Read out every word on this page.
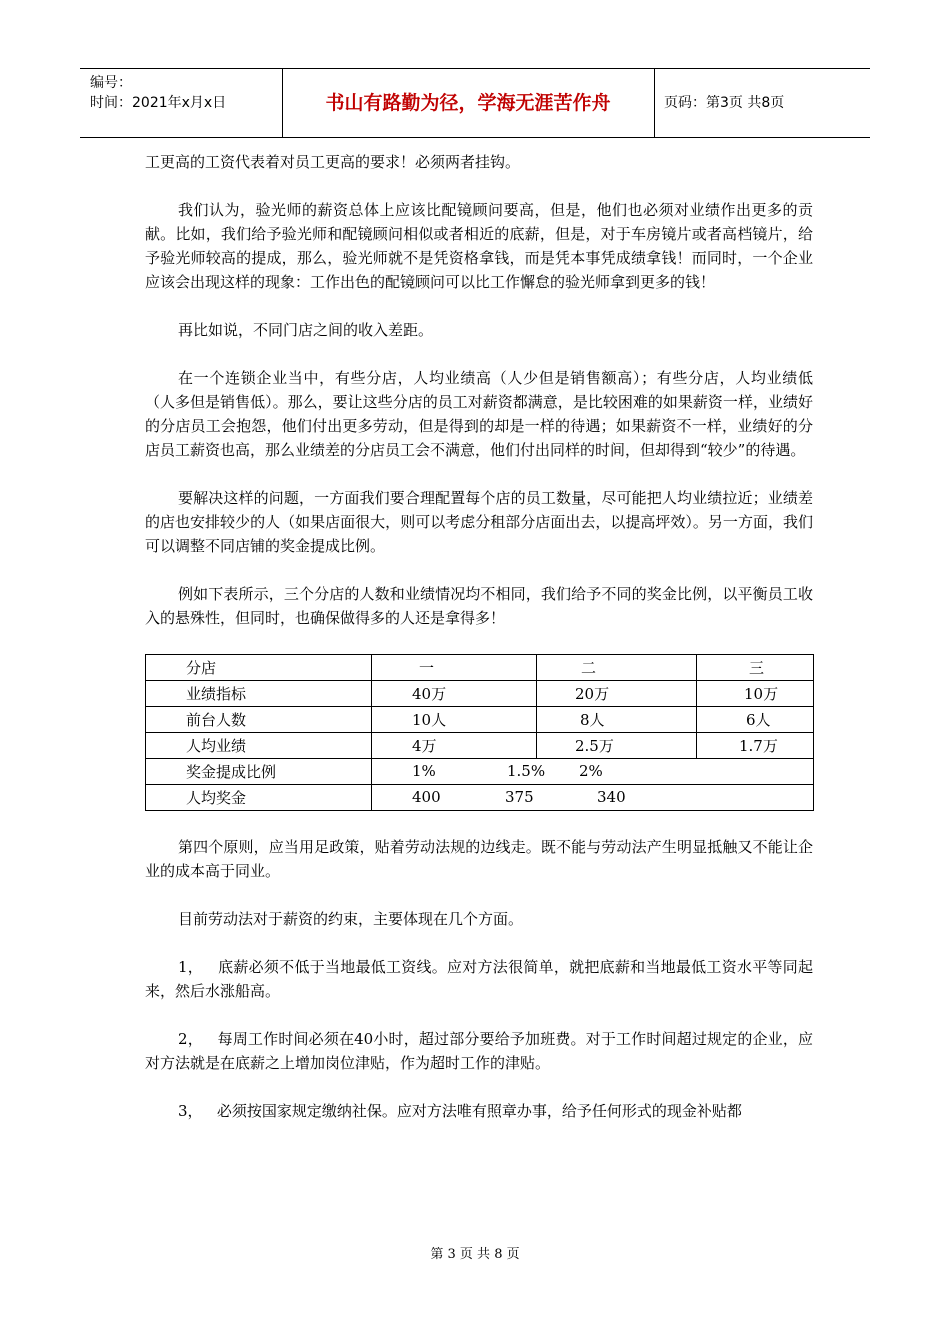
编号：
时间：2021年x月x日	书山有路勤为径，学海无涯苦作舟	页码：第3页 共8页

工更高的工资代表着对员工更高的要求！必须两者挂钩。

我们认为，验光师的薪资总体上应该比配镜顾问要高，但是，他们也必须对业绩作出更多的贡献。比如，我们给予验光师和配镜顾问相似或者相近的底薪，但是，对于车房镜片或者高档镜片，给予验光师较高的提成，那么，验光师就不是凭资格拿钱，而是凭本事凭成绩拿钱！而同时，一个企业应该会出现这样的现象：工作出色的配镜顾问可以比工作懈怠的验光师拿到更多的钱！

再比如说，不同门店之间的收入差距。

在一个连锁企业当中，有些分店，人均业绩高（人少但是销售额高）；有些分店，人均业绩低（人多但是销售低）。那么，要让这些分店的员工对薪资都满意，是比较困难的如果薪资一样，业绩好的分店员工会抱怨，他们付出更多劳动，但是得到的却是一样的待遇；如果薪资不一样，业绩好的分店员工薪资也高，那么业绩差的分店员工会不满意，他们付出同样的时间，但却得到“较少”的待遇。

要解决这样的问题，一方面我们要合理配置每个店的员工数量，尽可能把人均业绩拉近；业绩差的店也安排较少的人（如果店面很大，则可以考虑分租部分店面出去，以提高坪效）。另一方面，我们可以调整不同店铺的奖金提成比例。

例如下表所示，三个分店的人数和业绩情况均不相同，我们给予不同的奖金比例，以平衡员工收入的悬殊性，但同时，也确保做得多的人还是拿得多！

分店	一	二	三
业绩指标	40万	20万	10万
前台人数	10人	8人	6人
人均业绩	4万	2.5万	1.7万
奖金提成比例	1% 1.5% 2%		

人均奖金	400 375 340		

第四个原则，应当用足政策，贴着劳动法规的边线走。既不能与劳动法产生明显抵触又不能让企业的成本高于同业。

目前劳动法对于薪资的约束，主要体现在几个方面。

1，   底薪必须不低于当地最低工资线。应对方法很简单，就把底薪和当地最低工资水平等同起来，然后水涨船高。

2，   每周工作时间必须在40小时，超过部分要给予加班费。对于工作时间超过规定的企业，应对方法就是在底薪之上增加岗位津贴，作为超时工作的津贴。

3，   必须按国家规定缴纳社保。应对方法唯有照章办事，给予任何形式的现金补贴都

第 3 页 共 8 页
